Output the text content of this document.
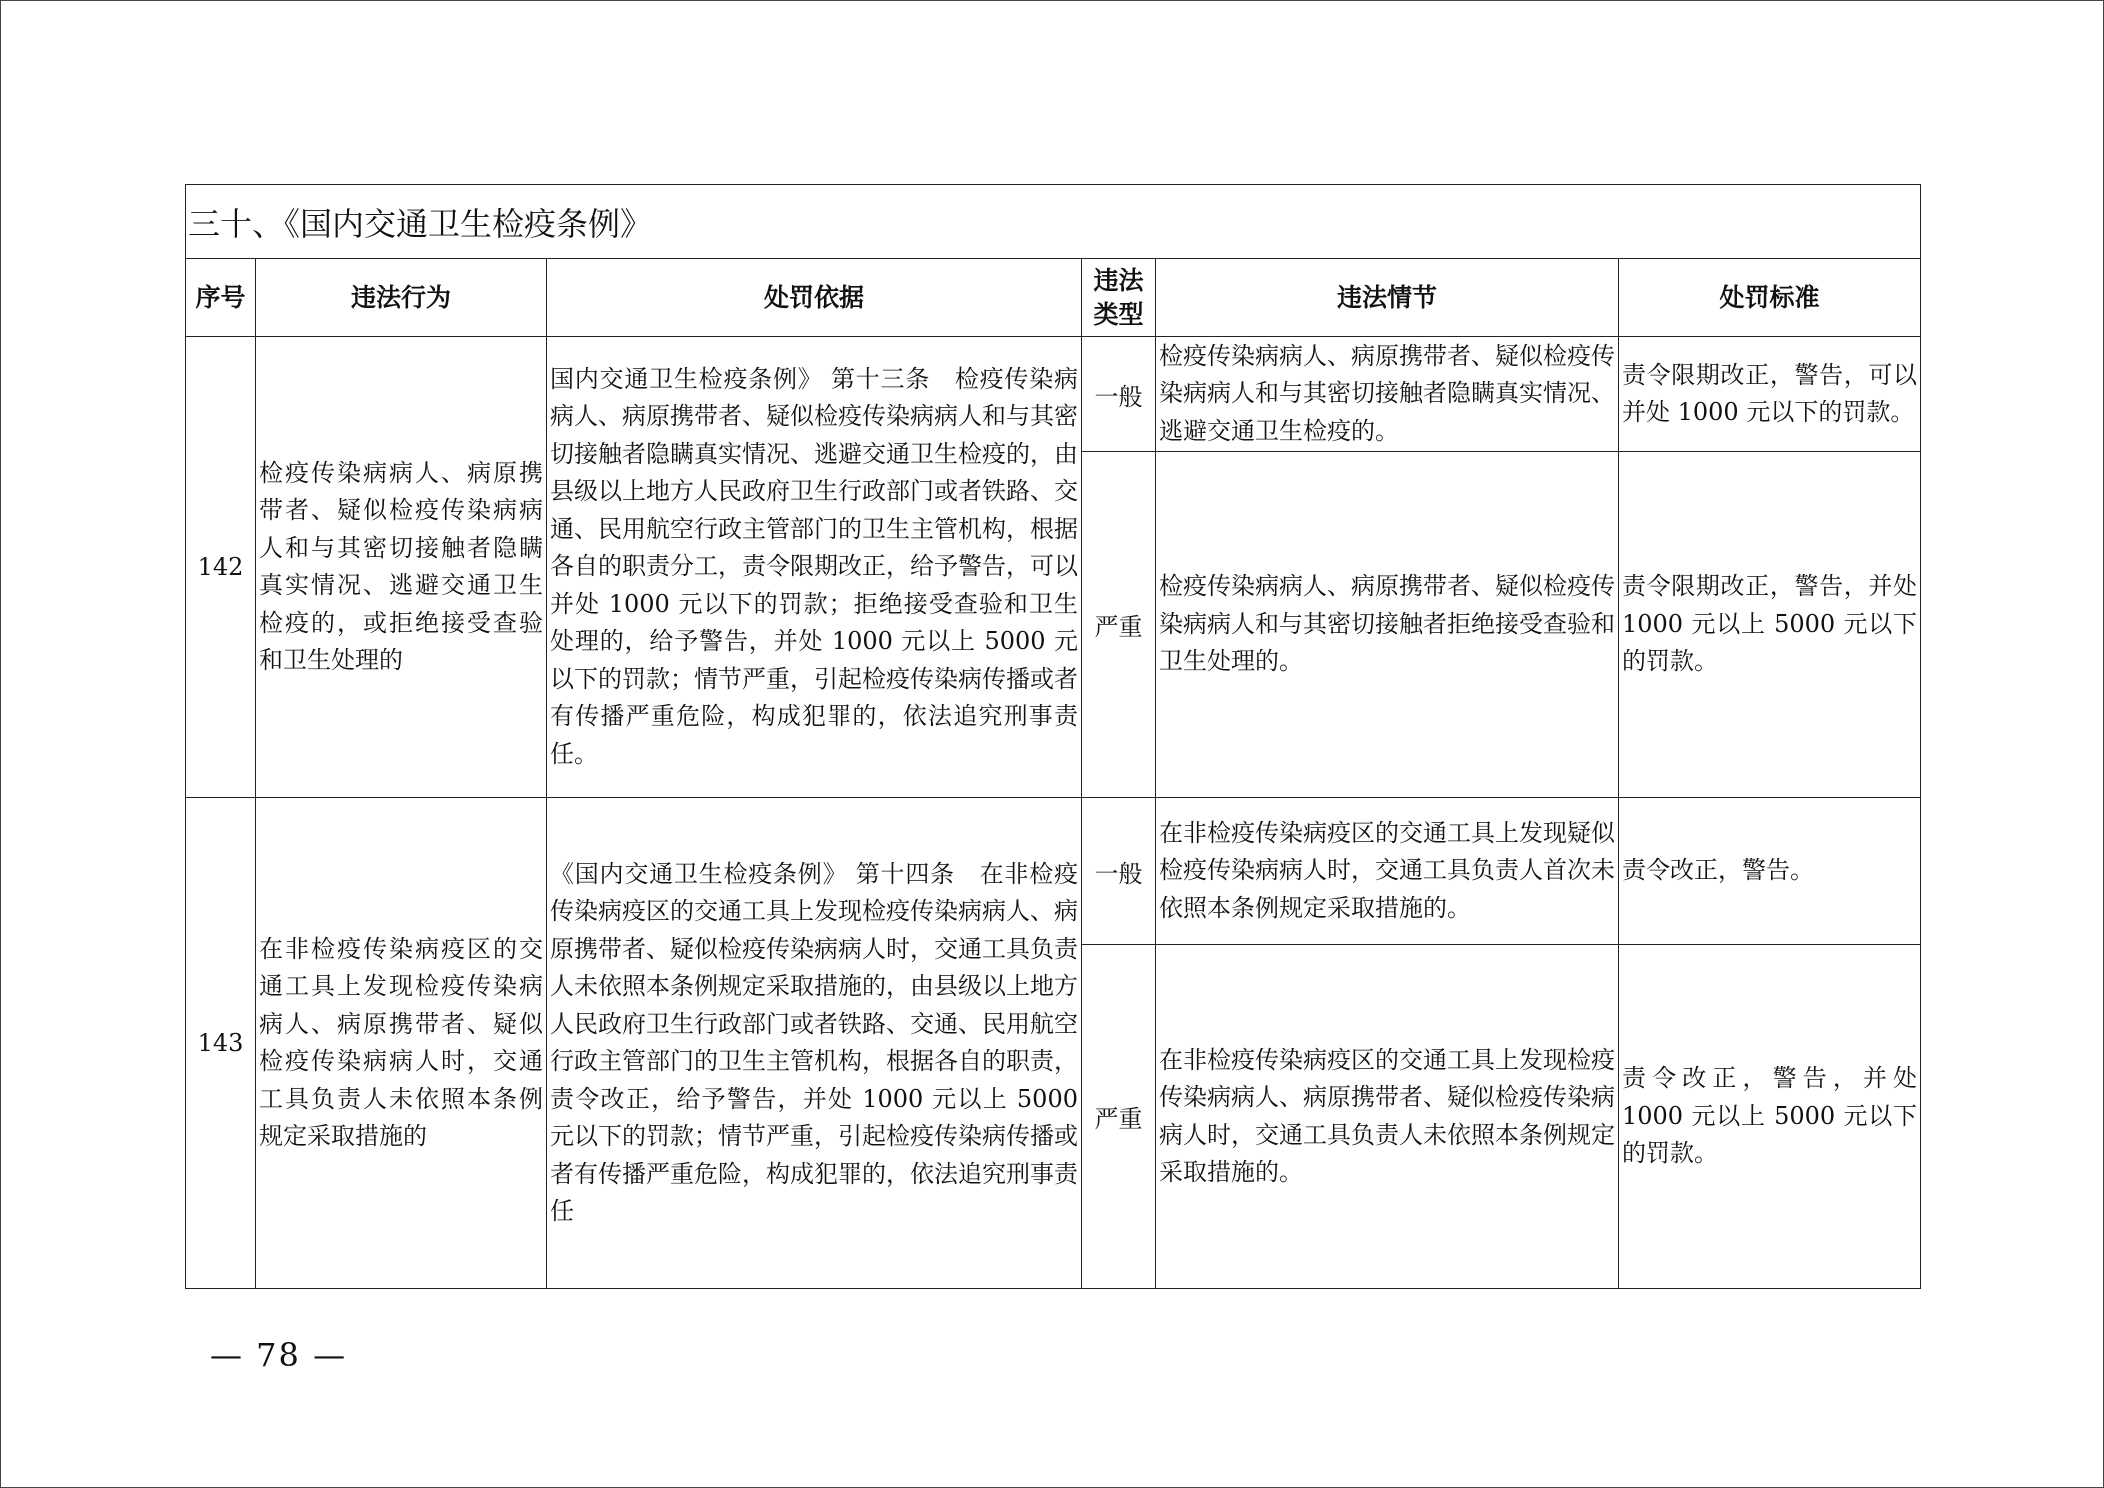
三十、《国内交通卫生检疫条例》					
序号	违法行为	处罚依据	违法类型	违法情节	处罚标准
142	检疫传染病病人、病原携带者、疑似检疫传染病病人和与其密切接触者隐瞒真实情况、逃避交通卫生检疫的，或拒绝接受查验和卫生处理的	国内交通卫生检疫条例》 第十三条　检疫传染病病人、病原携带者、疑似检疫传染病病人和与其密切接触者隐瞒真实情况、逃避交通卫生检疫的，由县级以上地方人民政府卫生行政部门或者铁路、交通、民用航空行政主管部门的卫生主管机构，根据各自的职责分工，责令限期改正，给予警告，可以并处 1000 元以下的罚款；拒绝接受查验和卫生处理的，给予警告，并处 1000 元以上 5000 元以下的罚款；情节严重，引起检疫传染病传播或者有传播严重危险，构成犯罪的，依法追究刑事责任。	一般	检疫传染病病人、病原携带者、疑似检疫传染病病人和与其密切接触者隐瞒真实情况、逃避交通卫生检疫的。	责令限期改正，警告，可以并处 1000 元以下的罚款。
			严重	检疫传染病病人、病原携带者、疑似检疫传染病病人和与其密切接触者拒绝接受查验和卫生处理的。	责令限期改正，警告，并处 1000 元以上 5000 元以下的罚款。
143	在非检疫传染病疫区的交通工具上发现检疫传染病病人、病原携带者、疑似检疫传染病病人时，交通工具负责人未依照本条例规定采取措施的	《国内交通卫生检疫条例》 第十四条　在非检疫传染病疫区的交通工具上发现检疫传染病病人、病原携带者、疑似检疫传染病病人时，交通工具负责人未依照本条例规定采取措施的，由县级以上地方人民政府卫生行政部门或者铁路、交通、民用航空行政主管部门的卫生主管机构，根据各自的职责，责令改正，给予警告，并处 1000 元以上 5000 元以下的罚款；情节严重，引起检疫传染病传播或者有传播严重危险，构成犯罪的，依法追究刑事责任	一般	在非检疫传染病疫区的交通工具上发现疑似检疫传染病病人时，交通工具负责人首次未依照本条例规定采取措施的。	责令改正，警告。
			严重	在非检疫传染病疫区的交通工具上发现检疫传染病病人、病原携带者、疑似检疫传染病病人时，交通工具负责人未依照本条例规定采取措施的。	责令改正，警告，并处 1000 元以上 5000 元以下的罚款。
— 78 —
